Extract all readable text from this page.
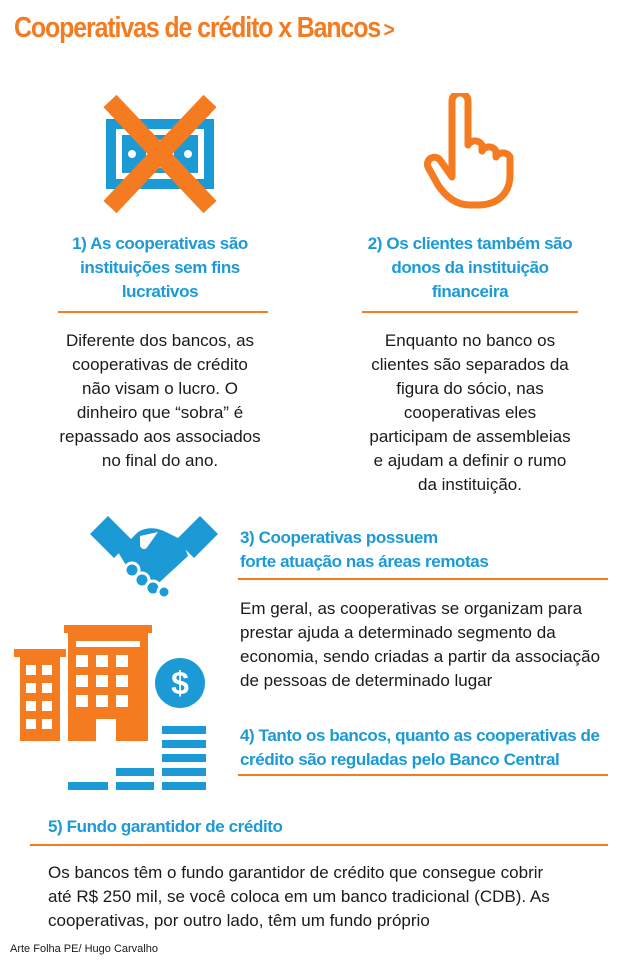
Cooperativas de crédito x Bancos >
1) As cooperativas são
instituições sem fins
lucrativos
Diferente dos bancos, as
cooperativas de crédito
não visam o lucro. O
dinheiro que “sobra” é
repassado aos associados
no final do ano.
2) Os clientes também são
donos da instituição
financeira
Enquanto no banco os
clientes são separados da
figura do sócio, nas
cooperativas eles
participam de assembleias
e ajudam a definir o rumo
da instituição.
3) Cooperativas possuem
forte atuação nas áreas remotas
Em geral, as cooperativas se organizam para
prestar ajuda a determinado segmento da
economia, sendo criadas a partir da associação
de pessoas de determinado lugar
$
4) Tanto os bancos, quanto as cooperativas de
crédito são reguladas pelo Banco Central
5) Fundo garantidor de crédito
Os bancos têm o fundo garantidor de crédito que consegue cobrir
até R$ 250 mil, se você coloca em um banco tradicional (CDB). As
cooperativas, por outro lado, têm um fundo próprio
Arte Folha PE/ Hugo Carvalho
